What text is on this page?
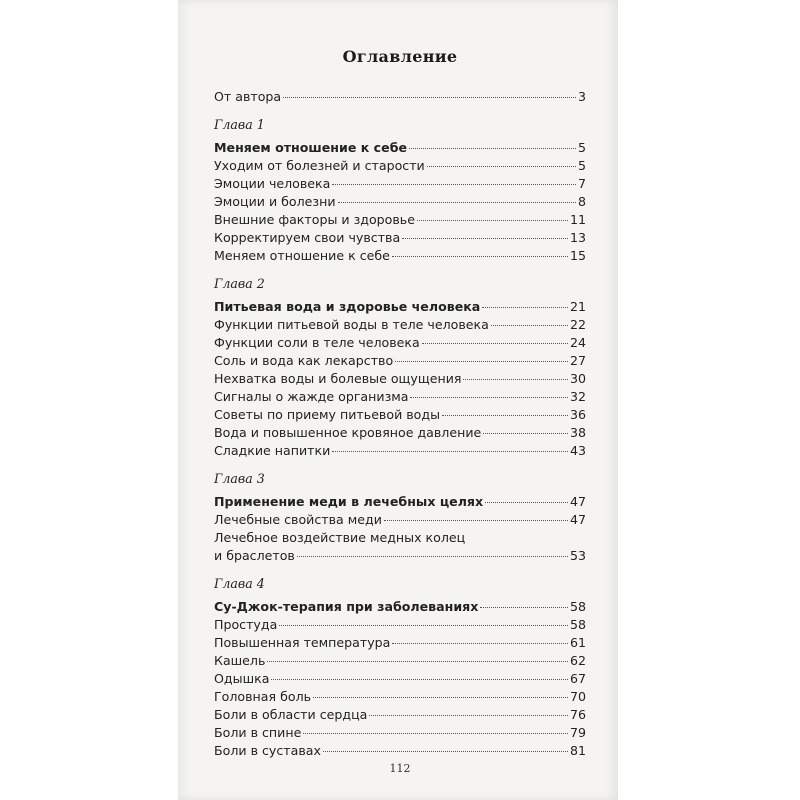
Оглавление
От автора	3
Глава 1
Меняем отношение к себе	5
Уходим от болезней и старости	5
Эмоции человека	7
Эмоции и болезни	8
Внешние факторы и здоровье	11
Корректируем свои чувства	13
Меняем отношение к себе	15
Глава 2
Питьевая вода и здоровье человека	21
Функции питьевой воды в теле человека	22
Функции соли в теле человека	24
Соль и вода как лекарство	27
Нехватка воды и болевые ощущения	30
Сигналы о жажде организма	32
Советы по приему питьевой воды	36
Вода и повышенное кровяное давление	38
Сладкие напитки	43
Глава 3
Применение меди в лечебных целях	47
Лечебные свойства меди	47
Лечебное воздействие медных колец
и браслетов	53
Глава 4
Су-Джок-терапия при заболеваниях	58
Простуда	58
Повышенная температура	61
Кашель	62
Одышка	67
Головная боль	70
Боли в области сердца	76
Боли в спине	79
Боли в суставах	81
112
